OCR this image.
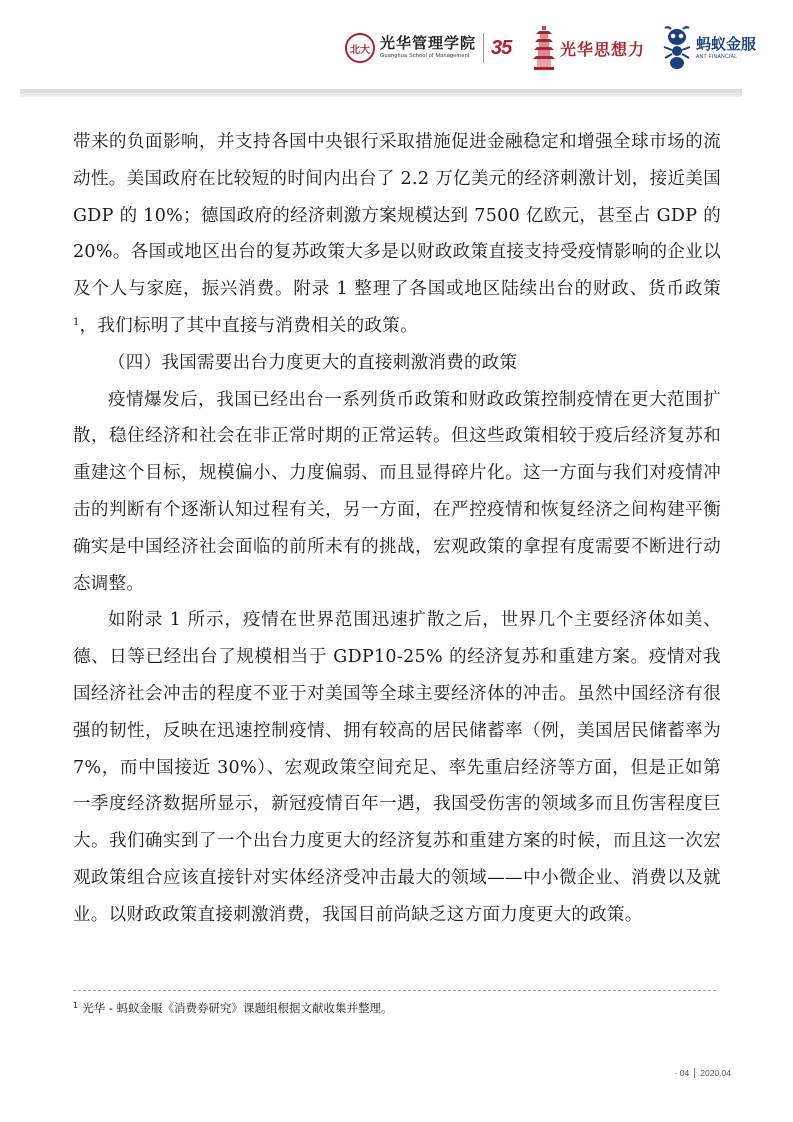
北大 光华管理学院
Guanghua School of Management	35	光华思想力	蚂蚁金服
ANT FINANCIAL

带来的负面影响，并支持各国中央银行采取措施促进金融稳定和增强全球市场的流动性。美国政府在比较短的时间内出台了 2.2 万亿美元的经济刺激计划，接近美国 GDP 的 10%；德国政府的经济刺激方案规模达到 7500 亿欧元，甚至占 GDP 的 20%。各国或地区出台的复苏政策大多是以财政政策直接支持受疫情影响的企业以及个人与家庭，振兴消费。附录 1 整理了各国或地区陆续出台的财政、货币政策$^1$，我们标明了其中直接与消费相关的政策。

（四）我国需要出台力度更大的直接刺激消费的政策

疫情爆发后，我国已经出台一系列货币政策和财政政策控制疫情在更大范围扩散，稳住经济和社会在非正常时期的正常运转。但这些政策相较于疫后经济复苏和重建这个目标，规模偏小、力度偏弱、而且显得碎片化。这一方面与我们对疫情冲击的判断有个逐渐认知过程有关，另一方面，在严控疫情和恢复经济之间构建平衡确实是中国经济社会面临的前所未有的挑战，宏观政策的拿捏有度需要不断进行动态调整。

如附录 1 所示，疫情在世界范围迅速扩散之后，世界几个主要经济体如美、德、日等已经出台了规模相当于 GDP10-25% 的经济复苏和重建方案。疫情对我国经济社会冲击的程度不亚于对美国等全球主要经济体的冲击。虽然中国经济有很强的韧性，反映在迅速控制疫情、拥有较高的居民储蓄率（例，美国居民储蓄率为 7%，而中国接近 30%）、宏观政策空间充足、率先重启经济等方面，但是正如第一季度经济数据所显示，新冠疫情百年一遇，我国受伤害的领域多而且伤害程度巨大。我们确实到了一个出台力度更大的经济复苏和重建方案的时候，而且这一次宏观政策组合应该直接针对实体经济受冲击最大的领域——中小微企业、消费以及就业。以财政政策直接刺激消费，我国目前尚缺乏这方面力度更大的政策。

$^1$ 光华 - 蚂蚁金服《消费券研究》课题组根据文献收集并整理。
· 04 2020.04
